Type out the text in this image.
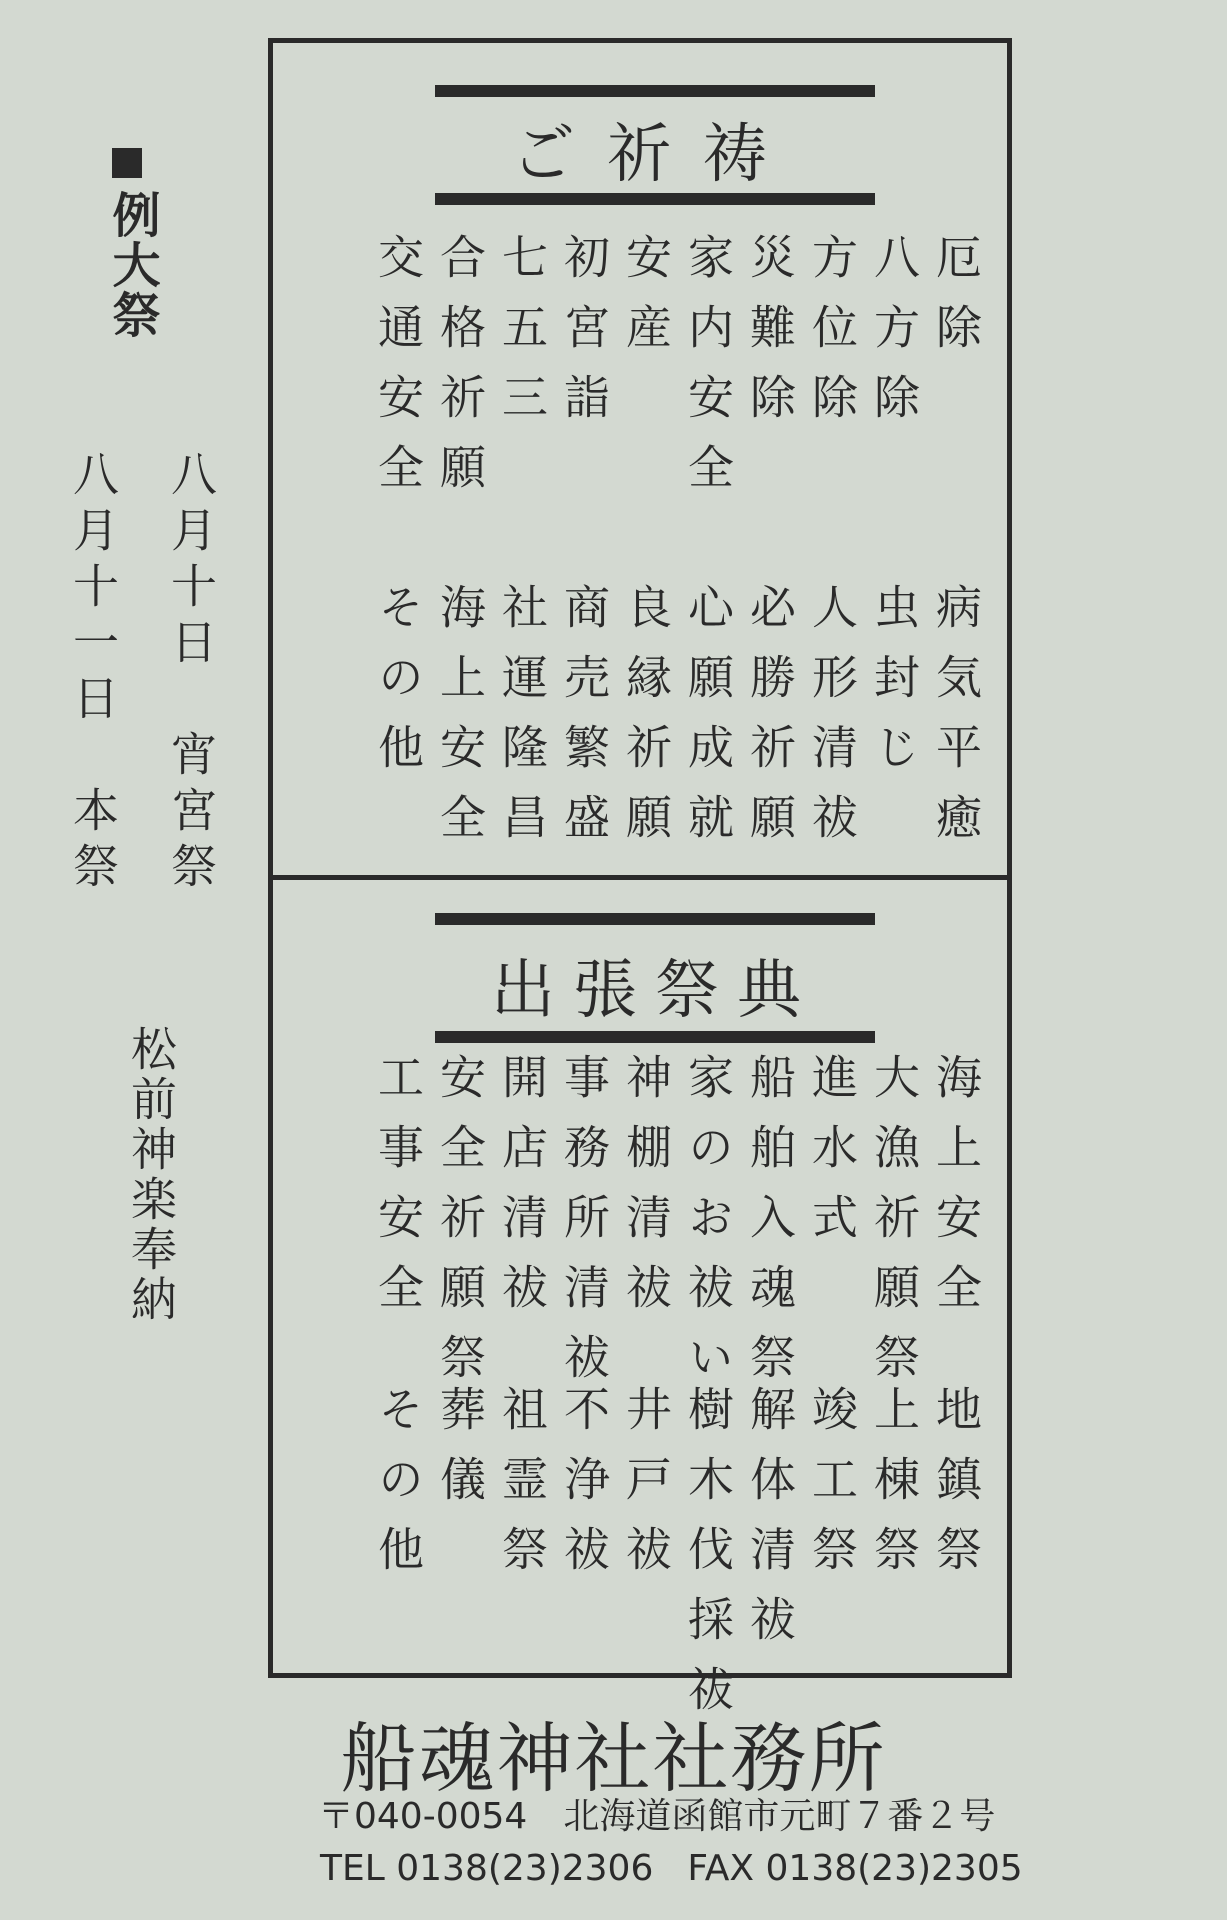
例大祭
八月十日　宵宮祭
八月十一日　本祭
松前神楽奉納
ご祈祷
厄除
八方除
方位除
災難除
家内安全
安産
初宮詣
七五三
合格祈願
交通安全
病気平癒
虫封じ
人形清祓
必勝祈願
心願成就
良縁祈願
商売繁盛
社運隆昌
海上安全
その他
出張祭典
海上安全
大漁祈願祭
進水式
船舶入魂祭
家のお祓い
神棚清祓
事務所清祓
開店清祓
安全祈願祭
工事安全
地鎮祭
上棟祭
竣工祭
解体清祓
樹木伐採祓
井戸祓
不浄祓
祖霊祭
葬儀
その他
船魂神社社務所
〒040-0054　北海道函館市元町７番２号
TEL 0138(23)2306 FAX 0138(23)2305
